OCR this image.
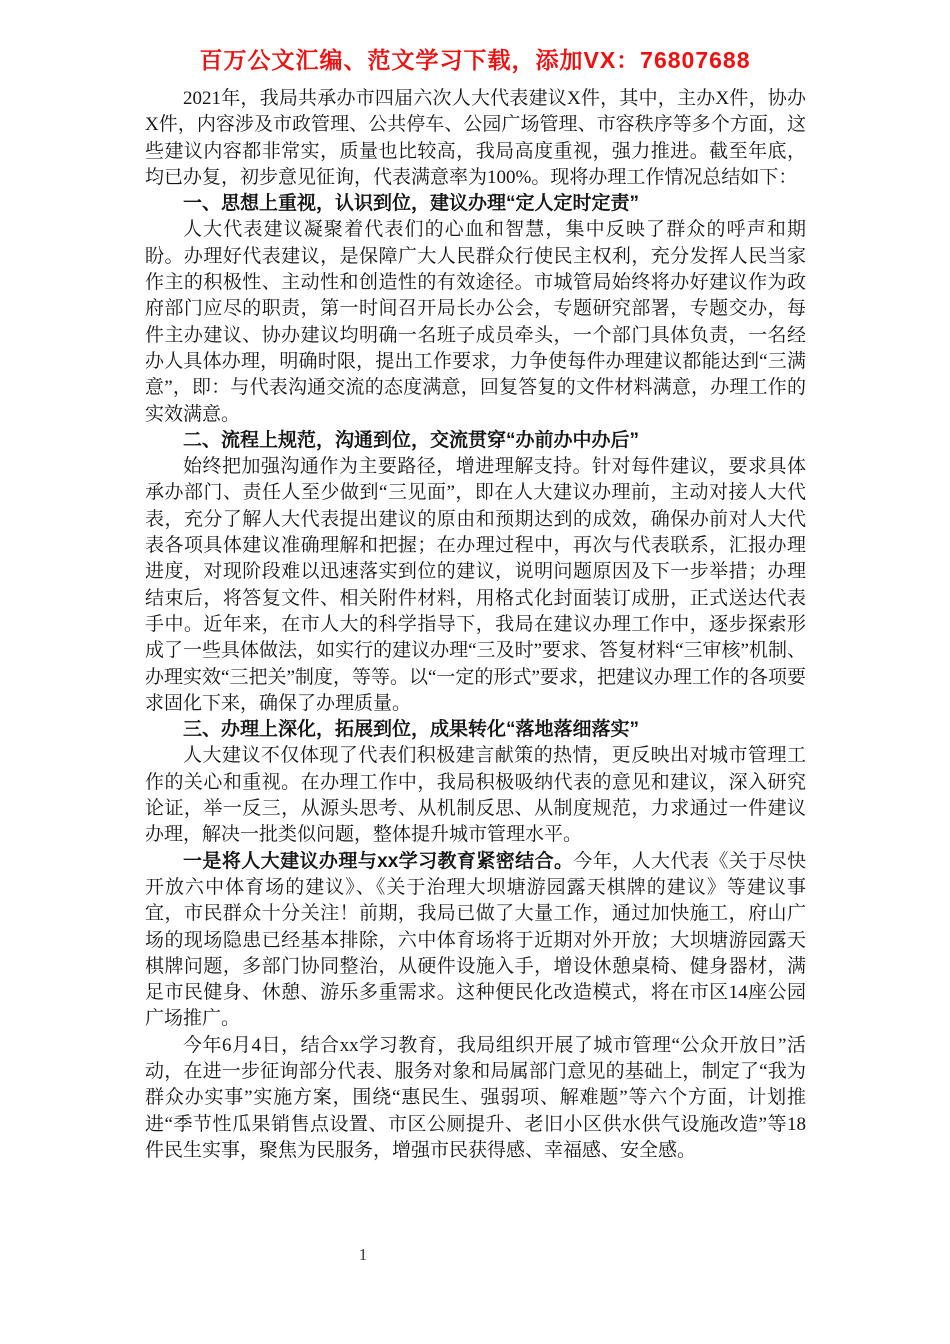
百万公文汇编、范文学习下载，添加VX：76807688

2021年，我局共承办市四届六次人大代表建议X件，其中，主办X件，协办X件，内容涉及市政管理、公共停车、公园广场管理、市容秩序等多个方面，这些建议内容都非常实，质量也比较高，我局高度重视，强力推进。截至年底，均已办复，初步意见征询，代表满意率为100%。现将办理工作情况总结如下：

一、思想上重视，认识到位，建议办理“定人定时定责”

人大代表建议凝聚着代表们的心血和智慧，集中反映了群众的呼声和期盼。办理好代表建议，是保障广大人民群众行使民主权利，充分发挥人民当家作主的积极性、主动性和创造性的有效途径。市城管局始终将办好建议作为政府部门应尽的职责，第一时间召开局长办公会，专题研究部署，专题交办，每件主办建议、协办建议均明确一名班子成员牵头，一个部门具体负责，一名经办人具体办理，明确时限，提出工作要求，力争使每件办理建议都能达到“三满意”，即：与代表沟通交流的态度满意，回复答复的文件材料满意，办理工作的实效满意。

二、流程上规范，沟通到位，交流贯穿“办前办中办后”

始终把加强沟通作为主要路径，增进理解支持。针对每件建议，要求具体承办部门、责任人至少做到“三见面”，即在人大建议办理前，主动对接人大代表，充分了解人大代表提出建议的原由和预期达到的成效，确保办前对人大代表各项具体建议准确理解和把握；在办理过程中，再次与代表联系，汇报办理进度，对现阶段难以迅速落实到位的建议，说明问题原因及下一步举措；办理结束后，将答复文件、相关附件材料，用格式化封面装订成册，正式送达代表手中。近年来，在市人大的科学指导下，我局在建议办理工作中，逐步探索形成了一些具体做法，如实行的建议办理“三及时”要求、答复材料“三审核”机制、办理实效“三把关”制度，等等。以“一定的形式”要求，把建议办理工作的各项要求固化下来，确保了办理质量。

三、办理上深化，拓展到位，成果转化“落地落细落实”

人大建议不仅体现了代表们积极建言献策的热情，更反映出对城市管理工作的关心和重视。在办理工作中，我局积极吸纳代表的意见和建议，深入研究论证，举一反三，从源头思考、从机制反思、从制度规范，力求通过一件建议办理，解决一批类似问题，整体提升城市管理水平。

一是将人大建议办理与xx学习教育紧密结合。今年，人大代表《关于尽快开放六中体育场的建议》、《关于治理大坝塘游园露天棋牌的建议》等建议事宜，市民群众十分关注！前期，我局已做了大量工作，通过加快施工，府山广场的现场隐患已经基本排除，六中体育场将于近期对外开放；大坝塘游园露天棋牌问题，多部门协同整治，从硬件设施入手，增设休憩桌椅、健身器材，满足市民健身、休憩、游乐多重需求。这种便民化改造模式，将在市区14座公园广场推广。

今年6月4日，结合xx学习教育，我局组织开展了城市管理“公众开放日”活动，在进一步征询部分代表、服务对象和局属部门意见的基础上，制定了“我为群众办实事”实施方案，围绕“惠民生、强弱项、解难题”等六个方面，计划推进“季节性瓜果销售点设置、市区公厕提升、老旧小区供水供气设施改造”等18件民生实事，聚焦为民服务，增强市民获得感、幸福感、安全感。

1
